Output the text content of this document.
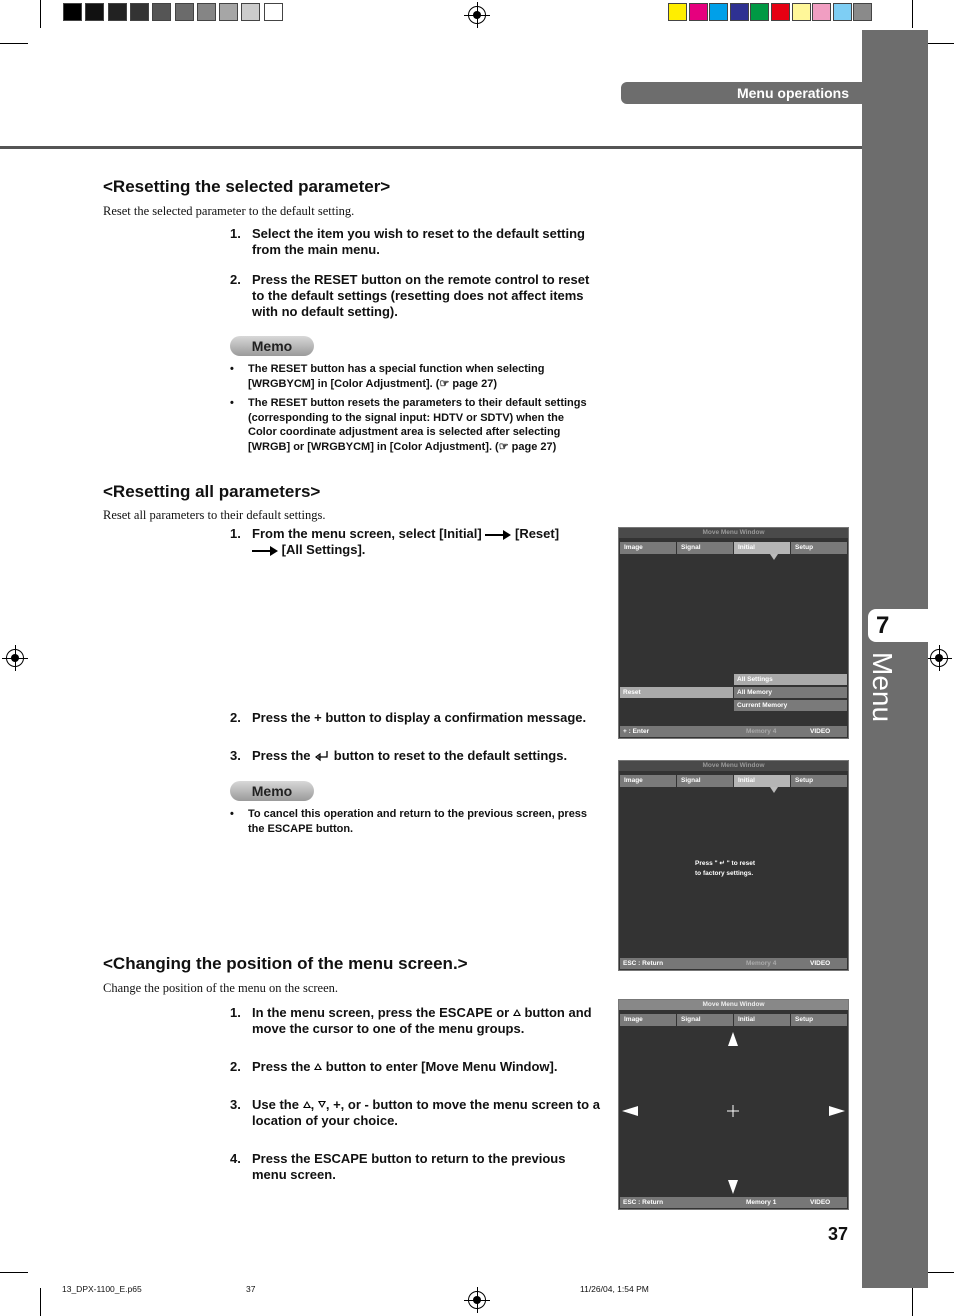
7
Menu
Menu operations
<Resetting the selected parameter>
Reset the selected parameter to the default setting.
1. Select the item you wish to reset to the default setting from the main menu.
2. Press the RESET button on the remote control to reset to the default settings (resetting does not affect items with no default setting).
Memo
• The RESET button has a special function when selecting [WRGBYCM] in [Color Adjustment]. (☞ page 27)
• The RESET button resets the parameters to their default settings (corresponding to the signal input: HDTV or SDTV) when the Color coordinate adjustment area is selected after selecting [WRGB] or [WRGBYCM] in [Color Adjustment]. (☞ page 27)
<Resetting all parameters>
Reset all parameters to their default settings.
1. From the menu screen, select [Initial]	[Reset]
[All Settings].
2. Press the + button to display a confirmation message.
3. Press the button to reset to the default settings.
Memo
• To cancel this operation and return to the previous screen, press the ESCAPE button.
<Changing the position of the menu screen.>
Change the position of the menu on the screen.
1. In the menu screen, press the ESCAPE or button and move the cursor to one of the menu groups.
2. Press the button to enter [Move Menu Window].
3. Use the , , +, or - button to move the menu screen to a location of your choice.
4. Press the ESCAPE button to return to the previous menu screen.
Move Menu Window
Image	Signal	Initial	Setup
All Settings
Reset	All Memory
Current Memory
+ : Enter	Memory 4	VIDEO
Move Menu Window
Image	Signal	Initial	Setup
Press " ↵ " to reset
to factory settings.
ESC : Return	Memory 4	VIDEO
Move Menu Window
Image	Signal	Initial	Setup
ESC : Return	Memory 1	VIDEO
37
13_DPX-1100_E.p65	37	11/26/04, 1:54 PM
